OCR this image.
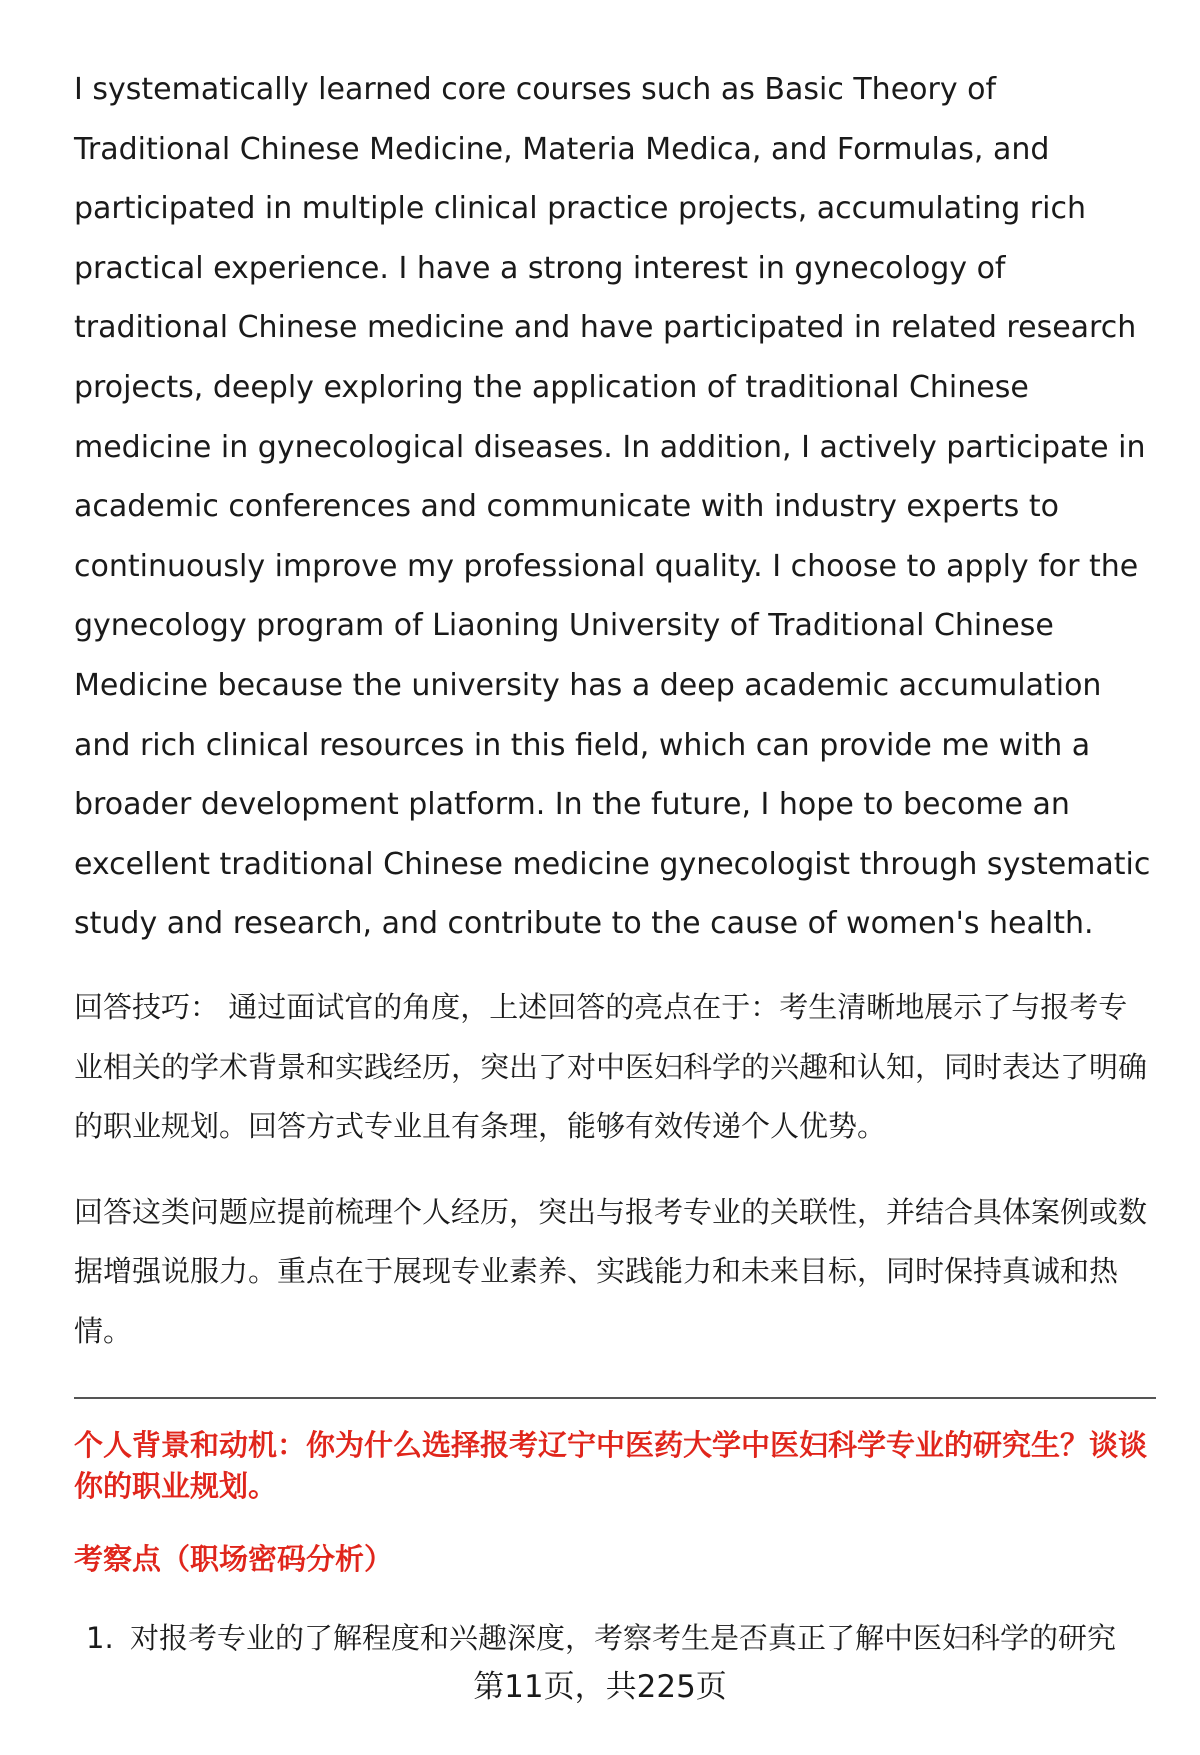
I systematically learned core courses such as Basic Theory of Traditional Chinese Medicine, Materia Medica, and Formulas, and participated in multiple clinical practice projects, accumulating rich practical experience. I have a strong interest in gynecology of traditional Chinese medicine and have participated in related research projects, deeply exploring the application of traditional Chinese medicine in gynecological diseases. In addition, I actively participate in academic conferences and communicate with industry experts to continuously improve my professional quality. I choose to apply for the gynecology program of Liaoning University of Traditional Chinese Medicine because the university has a deep academic accumulation and rich clinical resources in this field, which can provide me with a broader development platform. In the future, I hope to become an excellent traditional Chinese medicine gynecologist through systematic study and research, and contribute to the cause of women's health.

回答技巧： 通过面试官的角度，上述回答的亮点在于：考生清晰地展示了与报考专业相关的学术背景和实践经历，突出了对中医妇科学的兴趣和认知，同时表达了明确的职业规划。回答方式专业且有条理，能够有效传递个人优势。

回答这类问题应提前梳理个人经历，突出与报考专业的关联性，并结合具体案例或数据增强说服力。重点在于展现专业素养、实践能力和未来目标，同时保持真诚和热情。

个人背景和动机：你为什么选择报考辽宁中医药大学中医妇科学专业的研究生？谈谈你的职业规划。

考察点（职场密码分析）

1. 对报考专业的了解程度和兴趣深度，考察考生是否真正了解中医妇科学的研究
第11页，共225页
